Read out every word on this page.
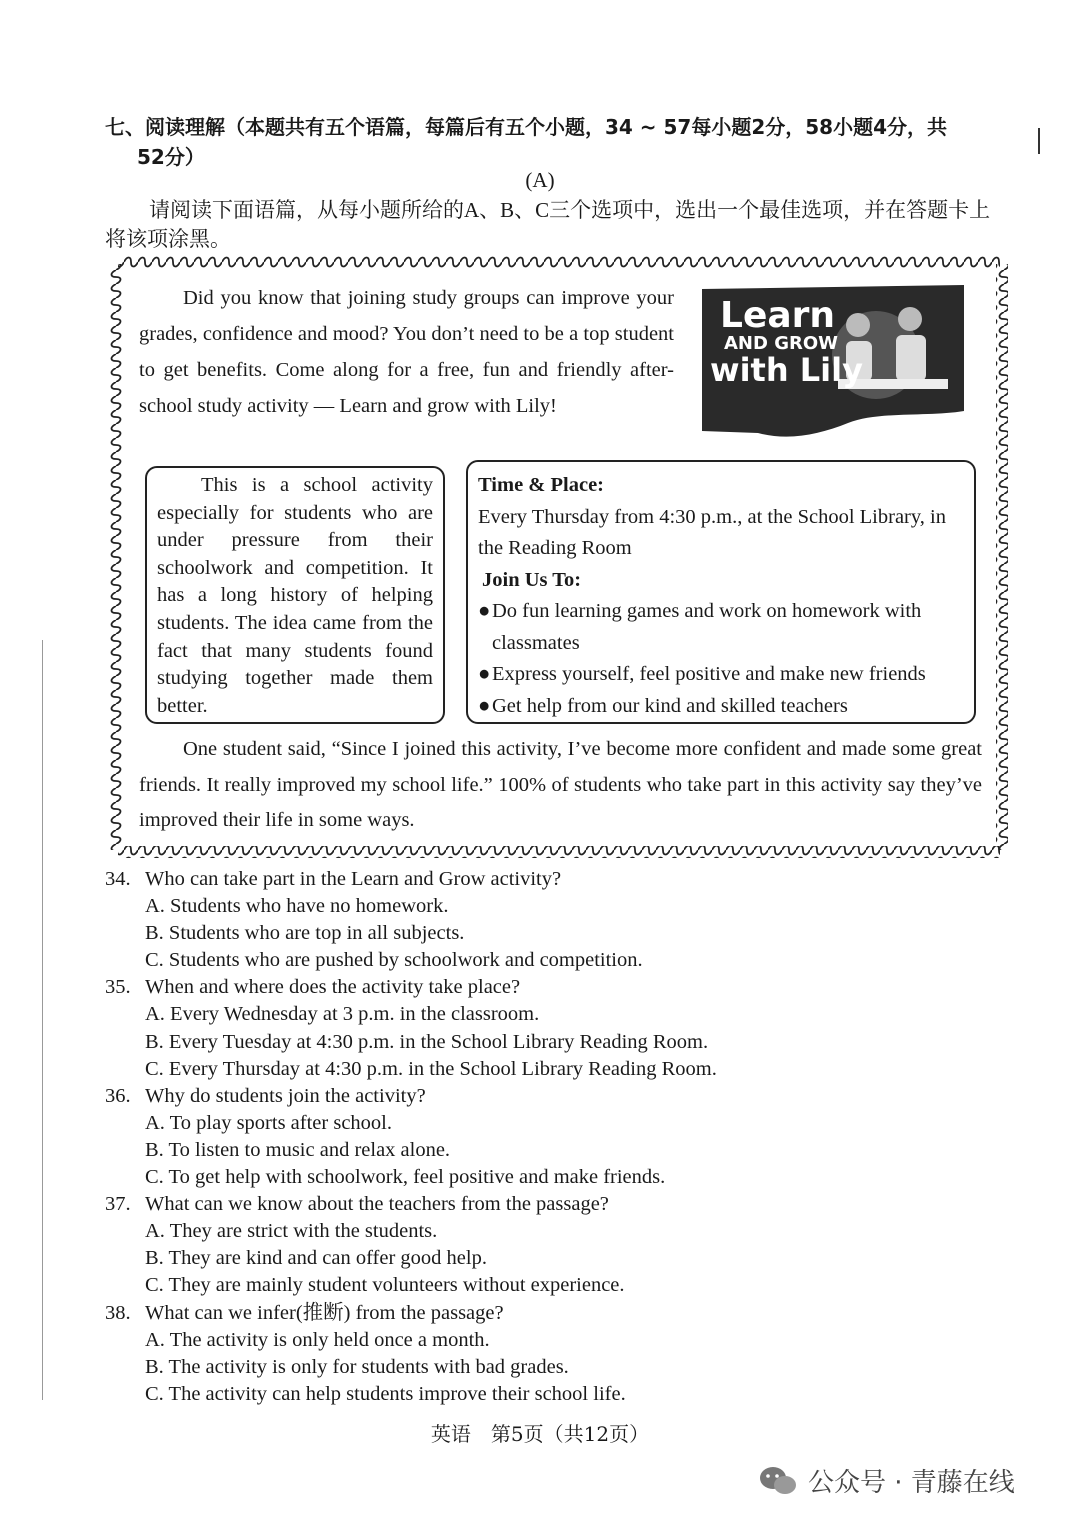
七、阅读理解（本题共有五个语篇，每篇后有五个小题，34 ~ 57每小题2分，58小题4分，共
52分）
(A)
请阅读下面语篇，从每小题所给的A、B、C三个选项中，选出一个最佳选项，并在答题卡上将该项涂黑。
Did you know that joining study groups can improve your grades, confidence and mood? You don’t need to be a top student to get benefits. Come along for a free, fun and friendly after-school study activity — Learn and grow with Lily!
Learn
AND GROW
with Lily
This is a school activity especially for students who are under pressure from their schoolwork and competition. It has a long history of helping students. The idea came from the fact that many students found studying together made them better.
Time & Place:
Every Thursday from 4:30 p.m., at the School Library, in the Reading Room
Join Us To:
● Do fun learning games and work on homework with classmates
● Express yourself, feel positive and make new friends
● Get help from our kind and skilled teachers
One student said, “Since I joined this activity, I’ve become more confident and made some great friends. It really improved my school life.” 100% of students who take part in this activity say they’ve improved their life in some ways.
34. Who can take part in the Learn and Grow activity?
A. Students who have no homework.
B. Students who are top in all subjects.
C. Students who are pushed by schoolwork and competition.
35. When and where does the activity take place?
A. Every Wednesday at 3 p.m. in the classroom.
B. Every Tuesday at 4:30 p.m. in the School Library Reading Room.
C. Every Thursday at 4:30 p.m. in the School Library Reading Room.
36. Why do students join the activity?
A. To play sports after school.
B. To listen to music and relax alone.
C. To get help with schoolwork, feel positive and make friends.
37. What can we know about the teachers from the passage?
A. They are strict with the students.
B. They are kind and can offer good help.
C. They are mainly student volunteers without experience.
38. What can we infer(推断) from the passage?
A. The activity is only held once a month.
B. The activity is only for students with bad grades.
C. The activity can help students improve their school life.
英语　第5页（共12页）
公众号 · 青藤在线
